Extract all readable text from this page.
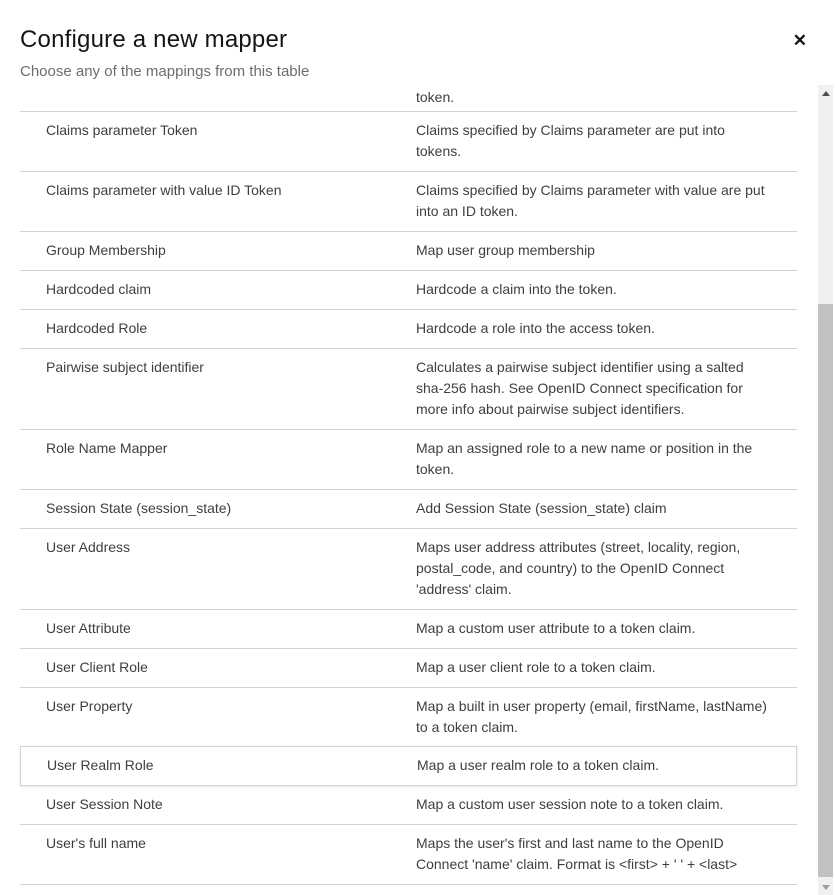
Configure a new mapper	✕

Choose any of the mappings from this table

token.
Claims parameter Token	Claims specified by Claims parameter are put into tokens.
Claims parameter with value ID Token	Claims specified by Claims parameter with value are put into an ID token.
Group Membership	Map user group membership
Hardcoded claim	Hardcode a claim into the token.
Hardcoded Role	Hardcode a role into the access token.
Pairwise subject identifier	Calculates a pairwise subject identifier using a salted sha-256 hash. See OpenID Connect specification for more info about pairwise subject identifiers.
Role Name Mapper	Map an assigned role to a new name or position in the token.
Session State (session_state)	Add Session State (session_state) claim
User Address	Maps user address attributes (street, locality, region, postal_code, and country) to the OpenID Connect 'address' claim.
User Attribute	Map a custom user attribute to a token claim.
User Client Role	Map a user client role to a token claim.
User Property	Map a built in user property (email, firstName, lastName) to a token claim.
User Realm Role	Map a user realm role to a token claim.
User Session Note	Map a custom user session note to a token claim.
User's full name	Maps the user's first and last name to the OpenID Connect 'name' claim. Format is <first> + ' ' + <last>
